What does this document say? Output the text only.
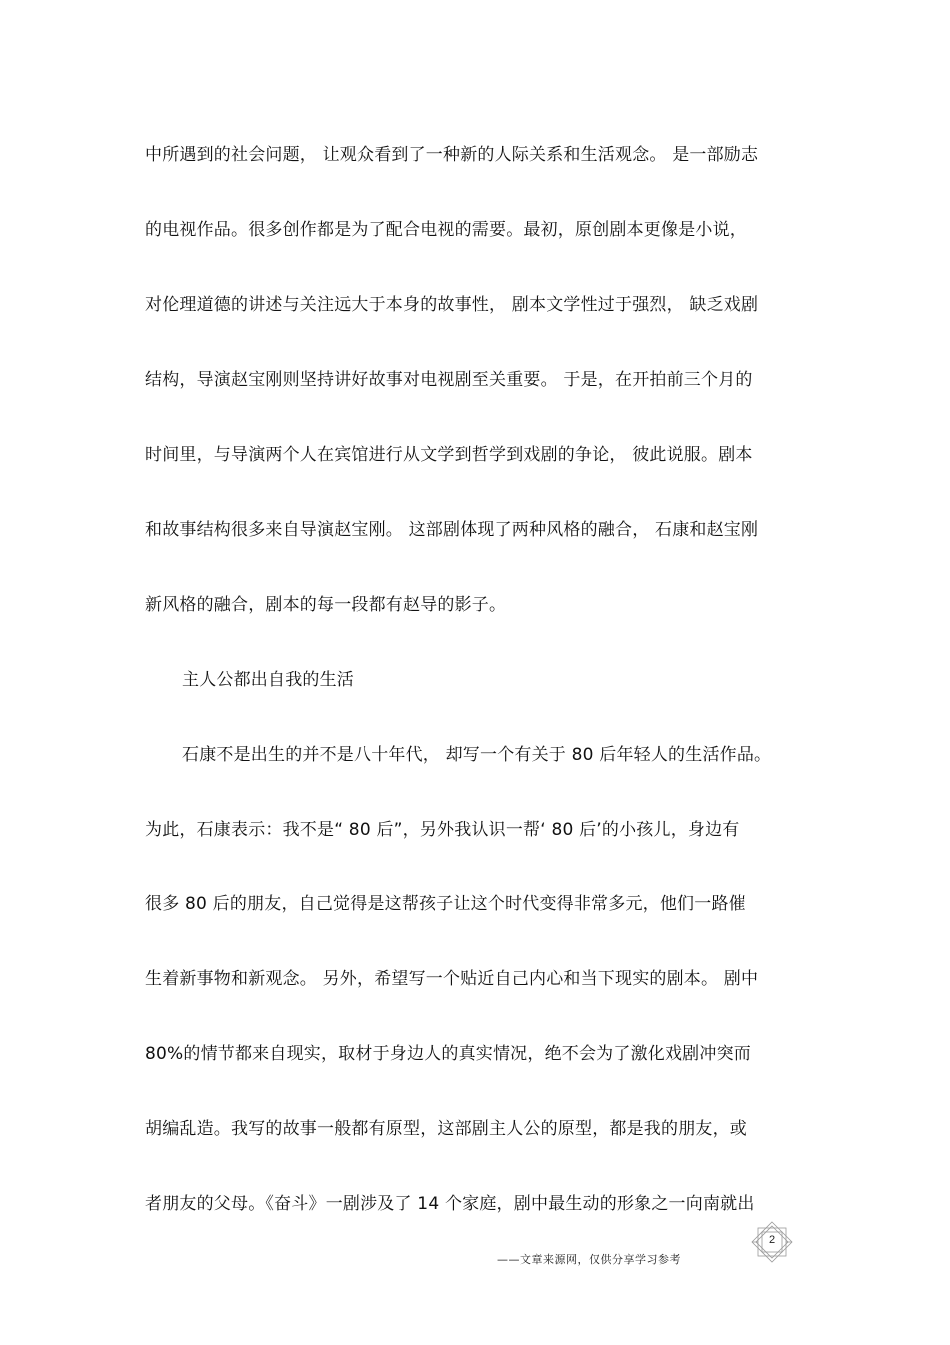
中所遇到的社会问题， 让观众看到了一种新的人际关系和生活观念。 是一部励志
的电视作品。很多创作都是为了配合电视的需要。最初，原创剧本更像是小说，
对伦理道德的讲述与关注远大于本身的故事性， 剧本文学性过于强烈， 缺乏戏剧
结构，导演赵宝刚则坚持讲好故事对电视剧至关重要。 于是，在开拍前三个月的
时间里，与导演两个人在宾馆进行从文学到哲学到戏剧的争论， 彼此说服。剧本
和故事结构很多来自导演赵宝刚。 这部剧体现了两种风格的融合， 石康和赵宝刚
新风格的融合，剧本的每一段都有赵导的影子。
主人公都出自我的生活
石康不是出生的并不是八十年代， 却写一个有关于 80 后年轻人的生活作品。
为此，石康表示：我不是“ 80 后”，另外我认识一帮‘ 80 后’的小孩儿，身边有
很多 80 后的朋友，自己觉得是这帮孩子让这个时代变得非常多元，他们一路催
生着新事物和新观念。 另外，希望写一个贴近自己内心和当下现实的剧本。 剧中
80%的情节都来自现实，取材于身边人的真实情况，绝不会为了激化戏剧冲突而
胡编乱造。我写的故事一般都有原型，这部剧主人公的原型，都是我的朋友，或
者朋友的父母。《奋斗》一剧涉及了 14 个家庭，剧中最生动的形象之一向南就出
——文章来源网，仅供分享学习参考
2
